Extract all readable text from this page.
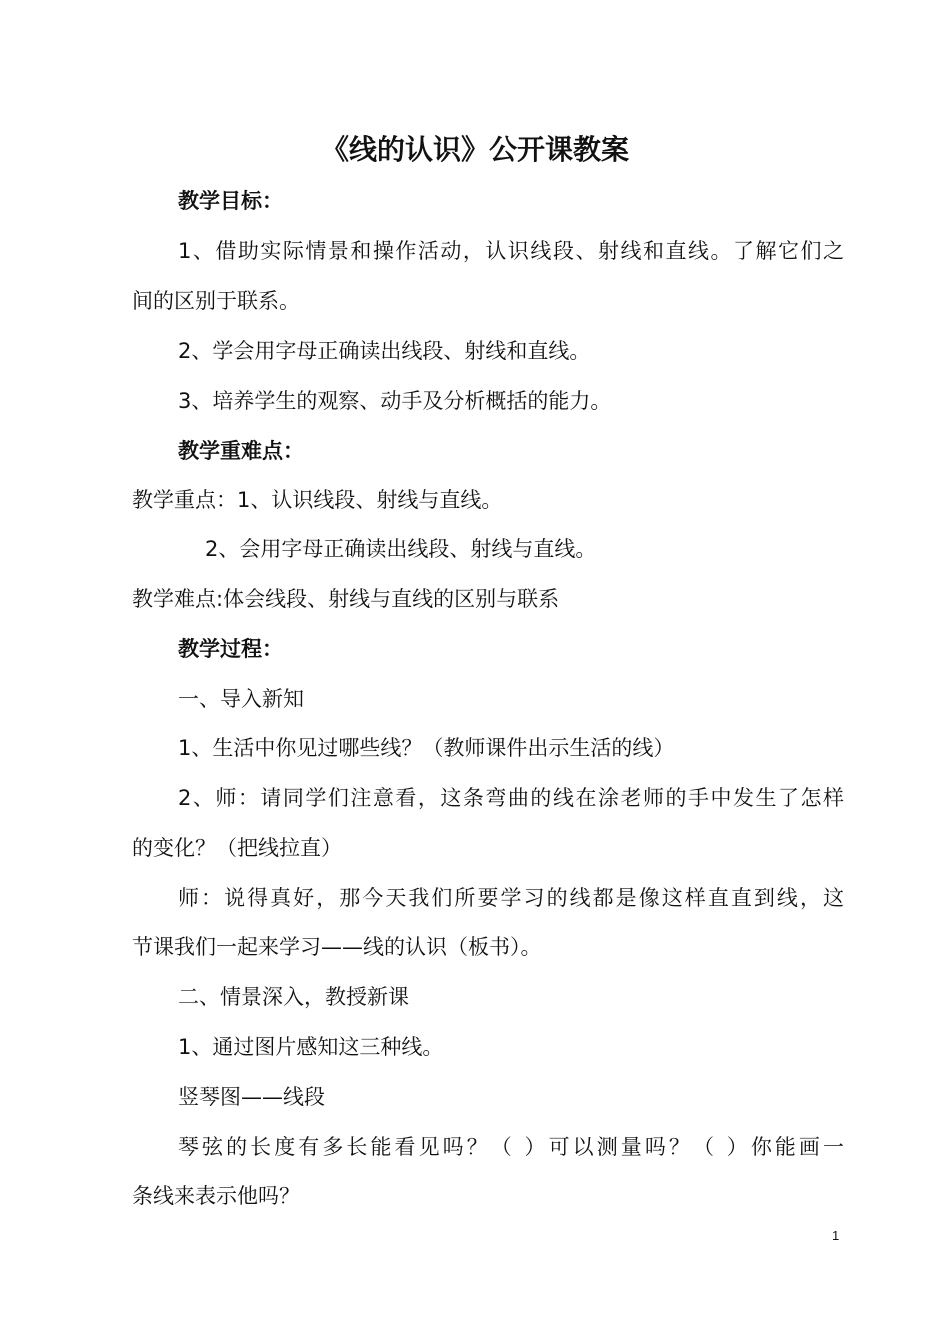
《线的认识》公开课教案
教学目标：
1、借助实际情景和操作活动，认识线段、射线和直线。了解它们之
间的区别于联系。
2、学会用字母正确读出线段、射线和直线。
3、培养学生的观察、动手及分析概括的能力。
教学重难点：
教学重点：1、认识线段、射线与直线。
2、会用字母正确读出线段、射线与直线。
教学难点:体会线段、射线与直线的区别与联系
教学过程：
一、导入新知
1、生活中你见过哪些线？（教师课件出示生活的线）
2、师：请同学们注意看，这条弯曲的线在涂老师的手中发生了怎样
的变化？（把线拉直）
师：说得真好，那今天我们所要学习的线都是像这样直直到线，这
节课我们一起来学习——线的认识（板书）。
二、情景深入，教授新课
1、通过图片感知这三种线。
竖琴图——线段
琴弦的长度有多长能看见吗？（ ）可以测量吗？（ ）你能画一
条线来表示他吗？
1
